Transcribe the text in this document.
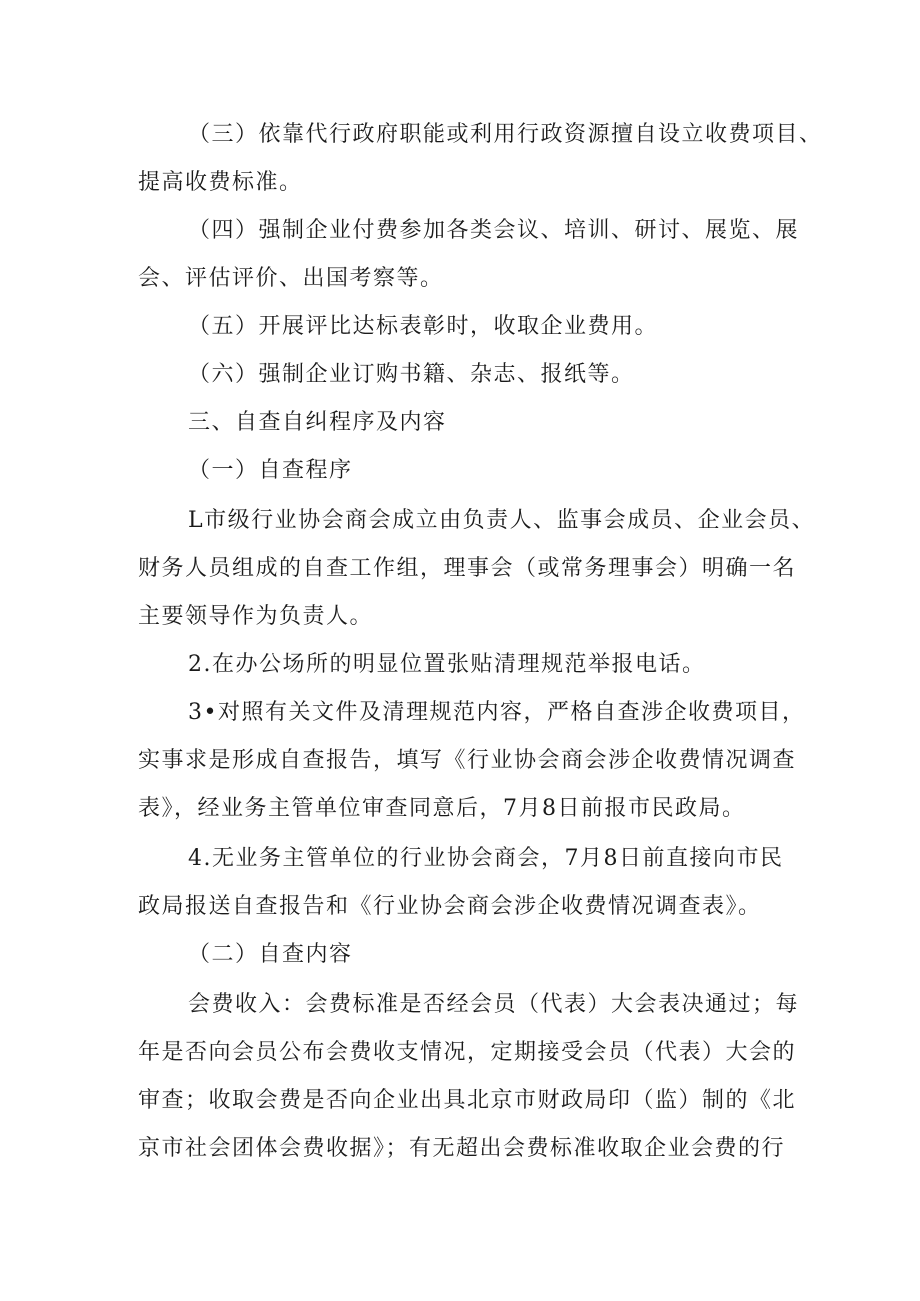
（三）依靠代行政府职能或利用行政资源擅自设立收费项目、
提高收费标准。
（四）强制企业付费参加各类会议、培训、研讨、展览、展
会、评估评价、出国考察等。
（五）开展评比达标表彰时，收取企业费用。
（六）强制企业订购书籍、杂志、报纸等。
三、自查自纠程序及内容
（一）自查程序
L市级行业协会商会成立由负责人、监事会成员、企业会员、
财务人员组成的自查工作组，理事会（或常务理事会）明确一名
主要领导作为负责人。
2.在办公场所的明显位置张贴清理规范举报电话。
3•对照有关文件及清理规范内容，严格自查涉企收费项目，
实事求是形成自查报告，填写《行业协会商会涉企收费情况调查
表》，经业务主管单位审查同意后，7月8日前报市民政局。
4.无业务主管单位的行业协会商会，7月8日前直接向市民
政局报送自查报告和《行业协会商会涉企收费情况调查表》。
（二）自查内容
会费收入：会费标准是否经会员（代表）大会表决通过；每
年是否向会员公布会费收支情况，定期接受会员（代表）大会的
审查；收取会费是否向企业出具北京市财政局印（监）制的《北
京市社会团体会费收据》；有无超出会费标准收取企业会费的行
